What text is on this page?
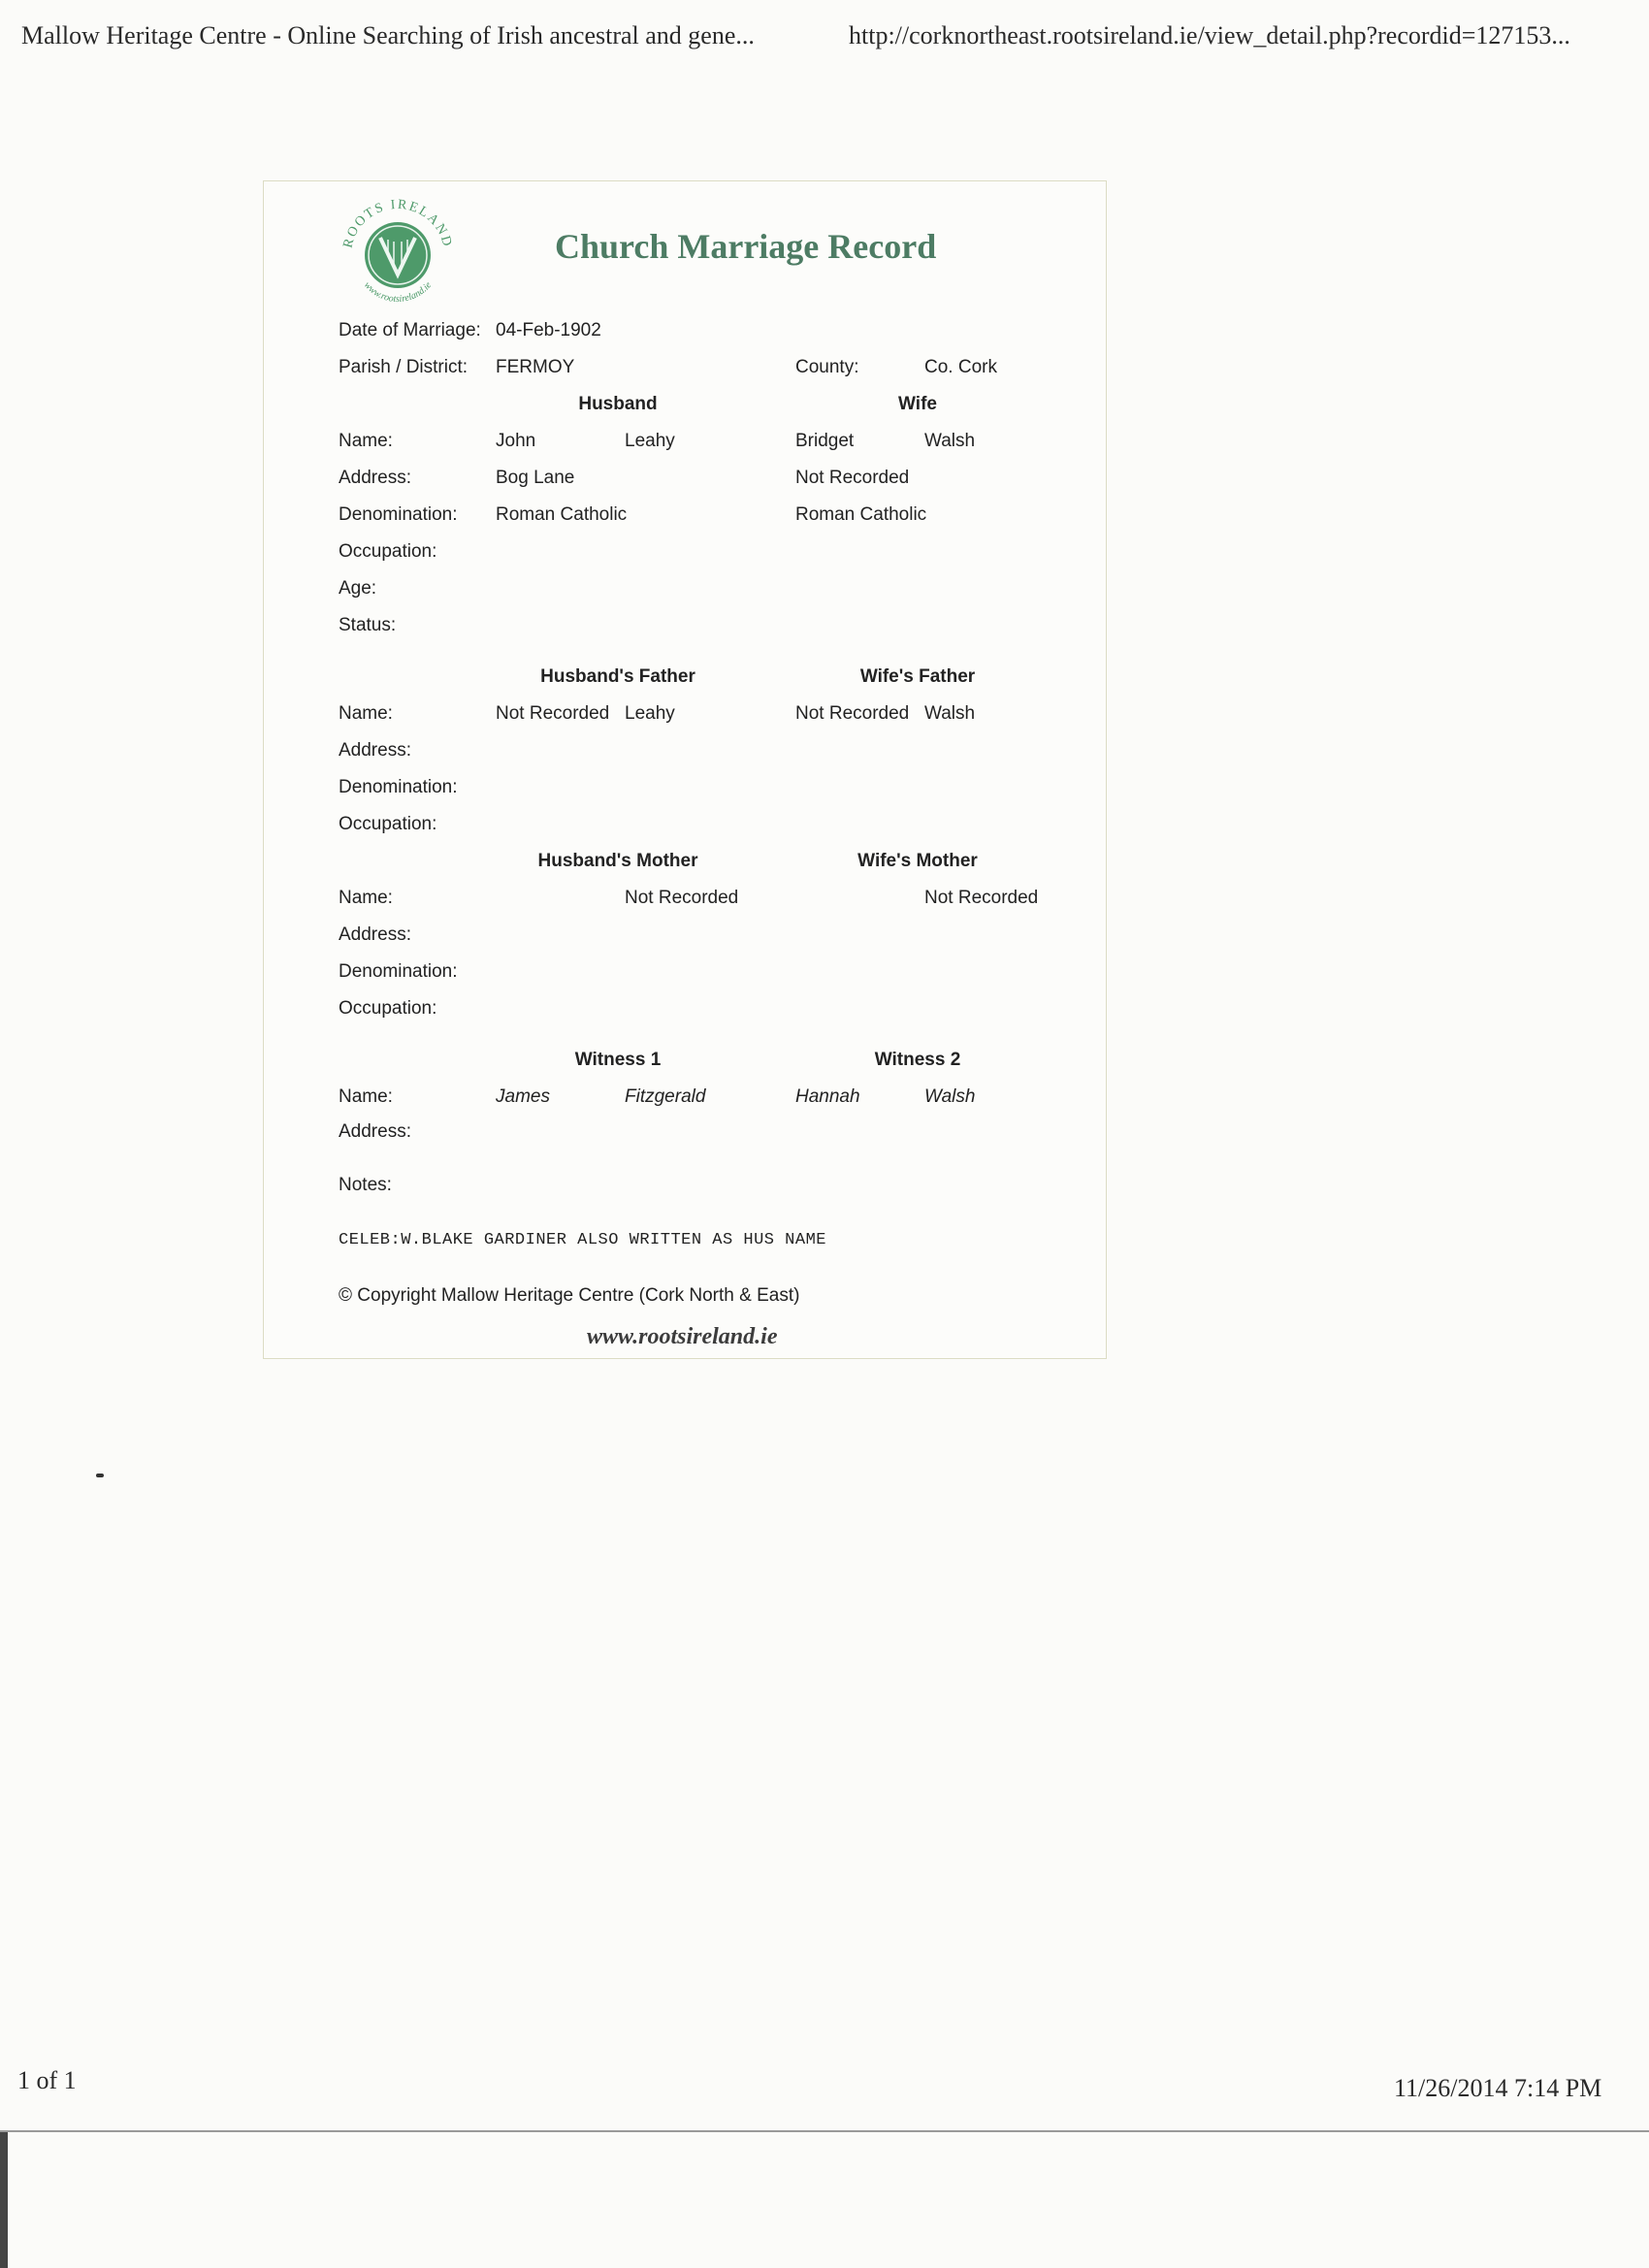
Mallow Heritage Centre - Online Searching of Irish ancestral and gene...	http://corknortheast.rootsireland.ie/view_detail.php?recordid=127153...
1 of 1	11/26/2014 7:14 PM
ROOTS IRELAND
www.rootsireland.ie
Church Marriage Record
Date of Marriage: 04-Feb-1902
Parish / District: FERMOY	County:	Co. Cork
Husband	Wife
Name:	John	Leahy	Bridget	Walsh
Address:	Bog Lane	Not Recorded
Denomination: Roman Catholic	Roman Catholic
Occupation:
Age:
Status:
Husband's Father	Wife's Father
Name:	Not Recorded Leahy	Not Recorded Walsh
Address:
Denomination:
Occupation:
Husband's Mother	Wife's Mother
Name:	Not Recorded	Not Recorded
Address:
Denomination:
Occupation:
Witness 1	Witness 2
Name:	James	Fitzgerald	Hannah	Walsh
Address:
Notes:
CELEB:W.BLAKE GARDINER ALSO WRITTEN AS HUS NAME
© Copyright Mallow Heritage Centre (Cork North & East)
www.rootsireland.ie
